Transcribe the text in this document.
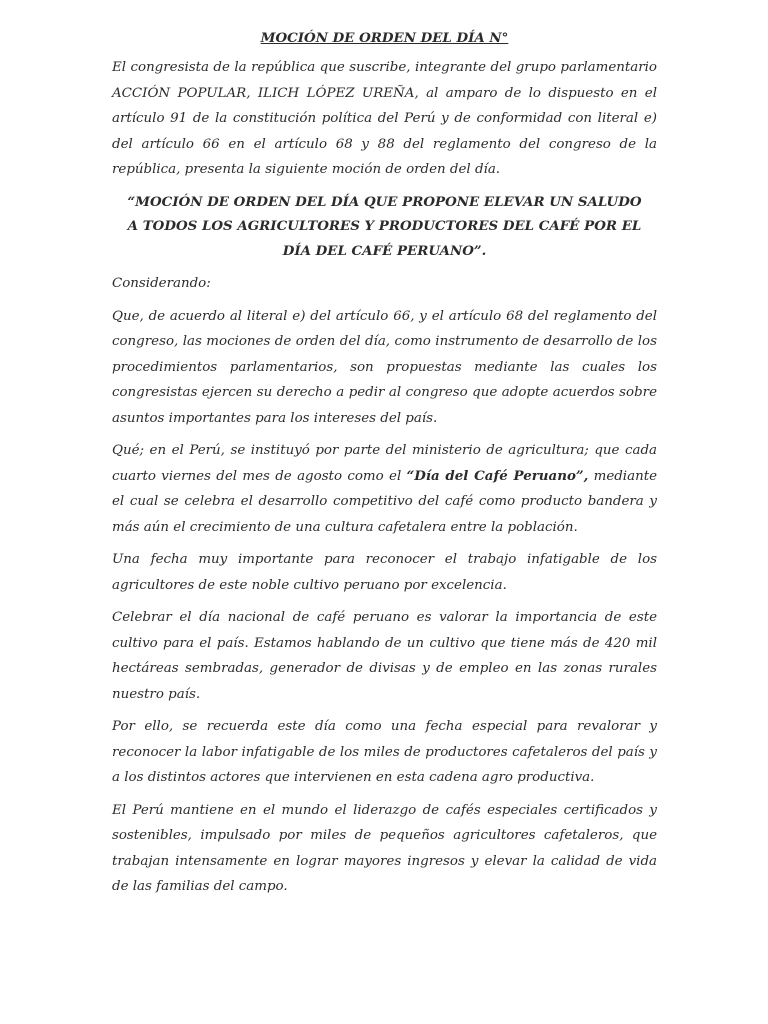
MOCIÓN DE ORDEN DEL DÍA N°

El congresista de la república que suscribe, integrante del grupo parlamentario ACCIÓN POPULAR, ILICH LÓPEZ UREÑA, al amparo de lo dispuesto en el artículo 91 de la constitución política del Perú y de conformidad con literal e) del artículo 66 en el artículo 68 y 88 del reglamento del congreso de la república, presenta la siguiente moción de orden del día.

“MOCIÓN DE ORDEN DEL DÍA QUE PROPONE ELEVAR UN SALUDO A TODOS LOS AGRICULTORES Y PRODUCTORES DEL CAFÉ POR EL DÍA DEL CAFÉ PERUANO”.

Considerando:

Que, de acuerdo al literal e) del artículo 66, y el artículo 68 del reglamento del congreso, las mociones de orden del día, como instrumento de desarrollo de los procedimientos parlamentarios, son propuestas mediante las cuales los congresistas ejercen su derecho a pedir al congreso que adopte acuerdos sobre asuntos importantes para los intereses del país.

Qué; en el Perú, se instituyó por parte del ministerio de agricultura; que cada cuarto viernes del mes de agosto como el “Día del Café Peruano”, mediante el cual se celebra el desarrollo competitivo del café como producto bandera y más aún el crecimiento de una cultura cafetalera entre la población.

Una fecha muy importante para reconocer el trabajo infatigable de los agricultores de este noble cultivo peruano por excelencia.

Celebrar el día nacional de café peruano es valorar la importancia de este cultivo para el país. Estamos hablando de un cultivo que tiene más de 420 mil hectáreas sembradas, generador de divisas y de empleo en las zonas rurales nuestro país.

Por ello, se recuerda este día como una fecha especial para revalorar y reconocer la labor infatigable de los miles de productores cafetaleros del país y a los distintos actores que intervienen en esta cadena agro productiva.

El Perú mantiene en el mundo el liderazgo de cafés especiales certificados y sostenibles, impulsado por miles de pequeños agricultores cafetaleros, que trabajan intensamente en lograr mayores ingresos y elevar la calidad de vida de las familias del campo.
